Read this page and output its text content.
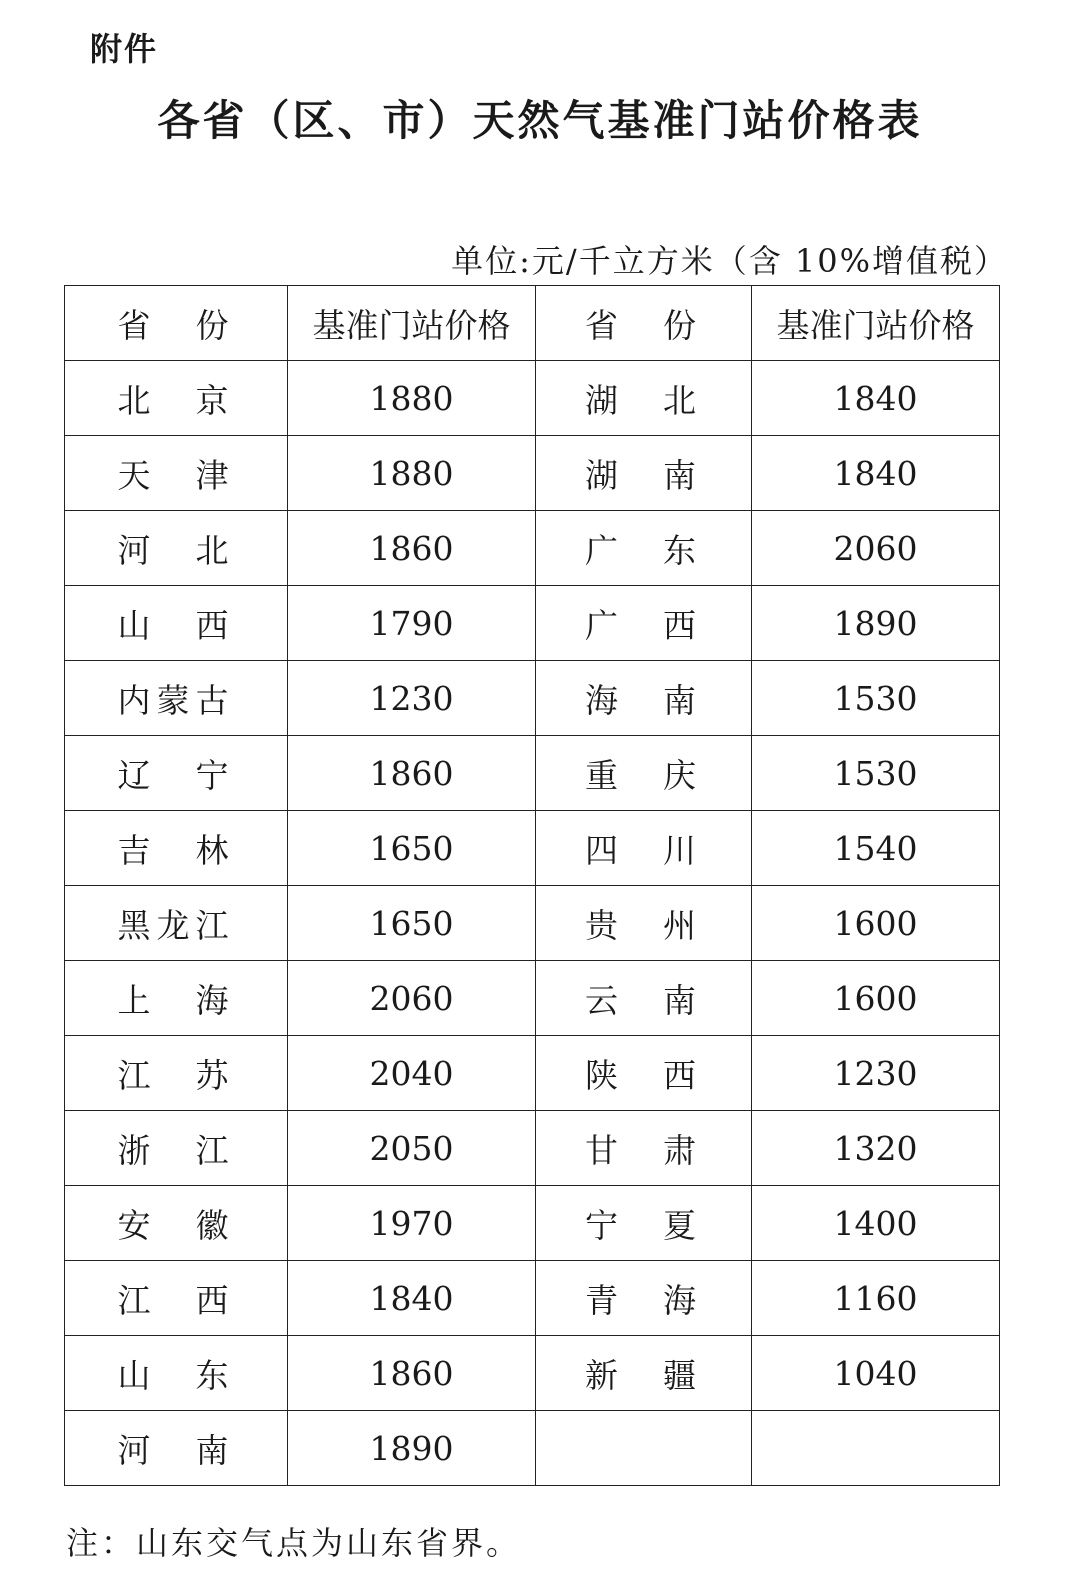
附件
各省（区、市）天然气基准门站价格表
单位:元/千立方米（含 10%增值税）
省　份	基准门站价格	省　份	基准门站价格
北　京	1880	湖　北	1840
天　津	1880	湖　南	1840
河　北	1860	广　东	2060
山　西	1790	广　西	1890
内蒙古	1230	海　南	1530
辽　宁	1860	重　庆	1530
吉　林	1650	四　川	1540
黑龙江	1650	贵　州	1600
上　海	2060	云　南	1600
江　苏	2040	陕　西	1230
浙　江	2050	甘　肃	1320
安　徽	1970	宁　夏	1400
江　西	1840	青　海	1160
山　东	1860	新　疆	1040
河　南	1890		
注：山东交气点为山东省界。
